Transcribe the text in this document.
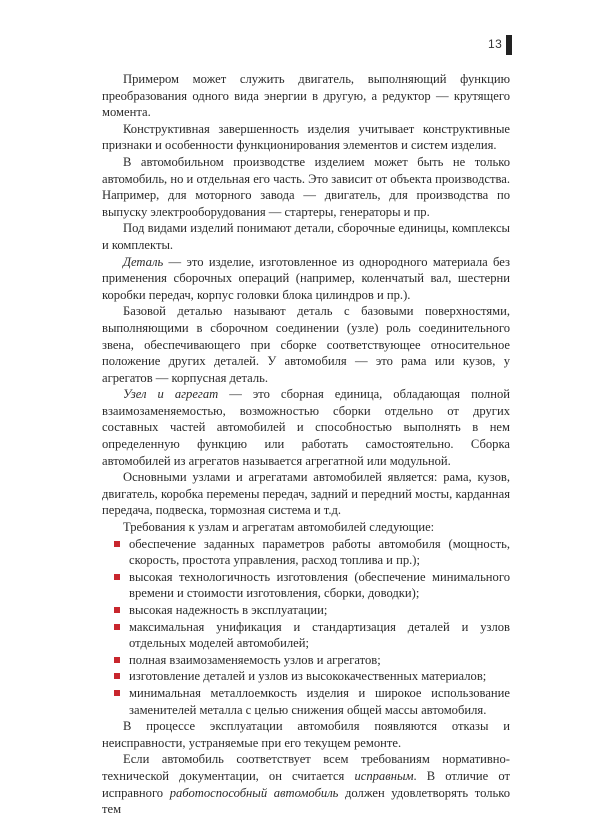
13

Примером может служить двигатель, выполняющий функцию преобразования одного вида энергии в другую, а редуктор — крутящего момента.

Конструктивная завершенность изделия учитывает конструктивные признаки и особенности функционирования элементов и систем изделия.

В автомобильном производстве изделием может быть не только автомобиль, но и отдельная его часть. Это зависит от объекта производства. Например, для моторного завода — двигатель, для производства по выпуску электрооборудования — стартеры, генераторы и пр.

Под видами изделий понимают детали, сборочные единицы, комплексы и комплекты.

Деталь — это изделие, изготовленное из однородного материала без применения сборочных операций (например, коленчатый вал, шестерни коробки передач, корпус головки блока цилиндров и пр.).

Базовой деталью называют деталь с базовыми поверхностями, выполняющими в сборочном соединении (узле) роль соединительного звена, обеспечивающего при сборке соответствующее относительное положение других деталей. У автомобиля — это рама или кузов, у агрегатов — корпусная деталь.

Узел и агрегат — это сборная единица, обладающая полной взаимозаменяемостью, возможностью сборки отдельно от других составных частей автомобилей и способностью выполнять в нем определенную функцию или работать самостоятельно. Сборка автомобилей из агрегатов называется агрегатной или модульной.

Основными узлами и агрегатами автомобилей является: рама, кузов, двигатель, коробка перемены передач, задний и передний мосты, карданная передача, подвеска, тормозная система и т.д.

Требования к узлам и агрегатам автомобилей следующие:

обеспечение заданных параметров работы автомобиля (мощность, скорость, простота управления, расход топлива и пр.);
высокая технологичность изготовления (обеспечение минимального времени и стоимости изготовления, сборки, доводки);
высокая надежность в эксплуатации;
максимальная унификация и стандартизация деталей и узлов отдельных моделей автомобилей;
полная взаимозаменяемость узлов и агрегатов;
изготовление деталей и узлов из высококачественных материалов;
минимальная металлоемкость изделия и широкое использование заменителей металла с целью снижения общей массы автомобиля.

В процессе эксплуатации автомобиля появляются отказы и неисправности, устраняемые при его текущем ремонте.

Если автомобиль соответствует всем требованиям нормативно-технической документации, он считается исправным. В отличие от исправного работоспособный автомобиль должен удовлетворять только тем
